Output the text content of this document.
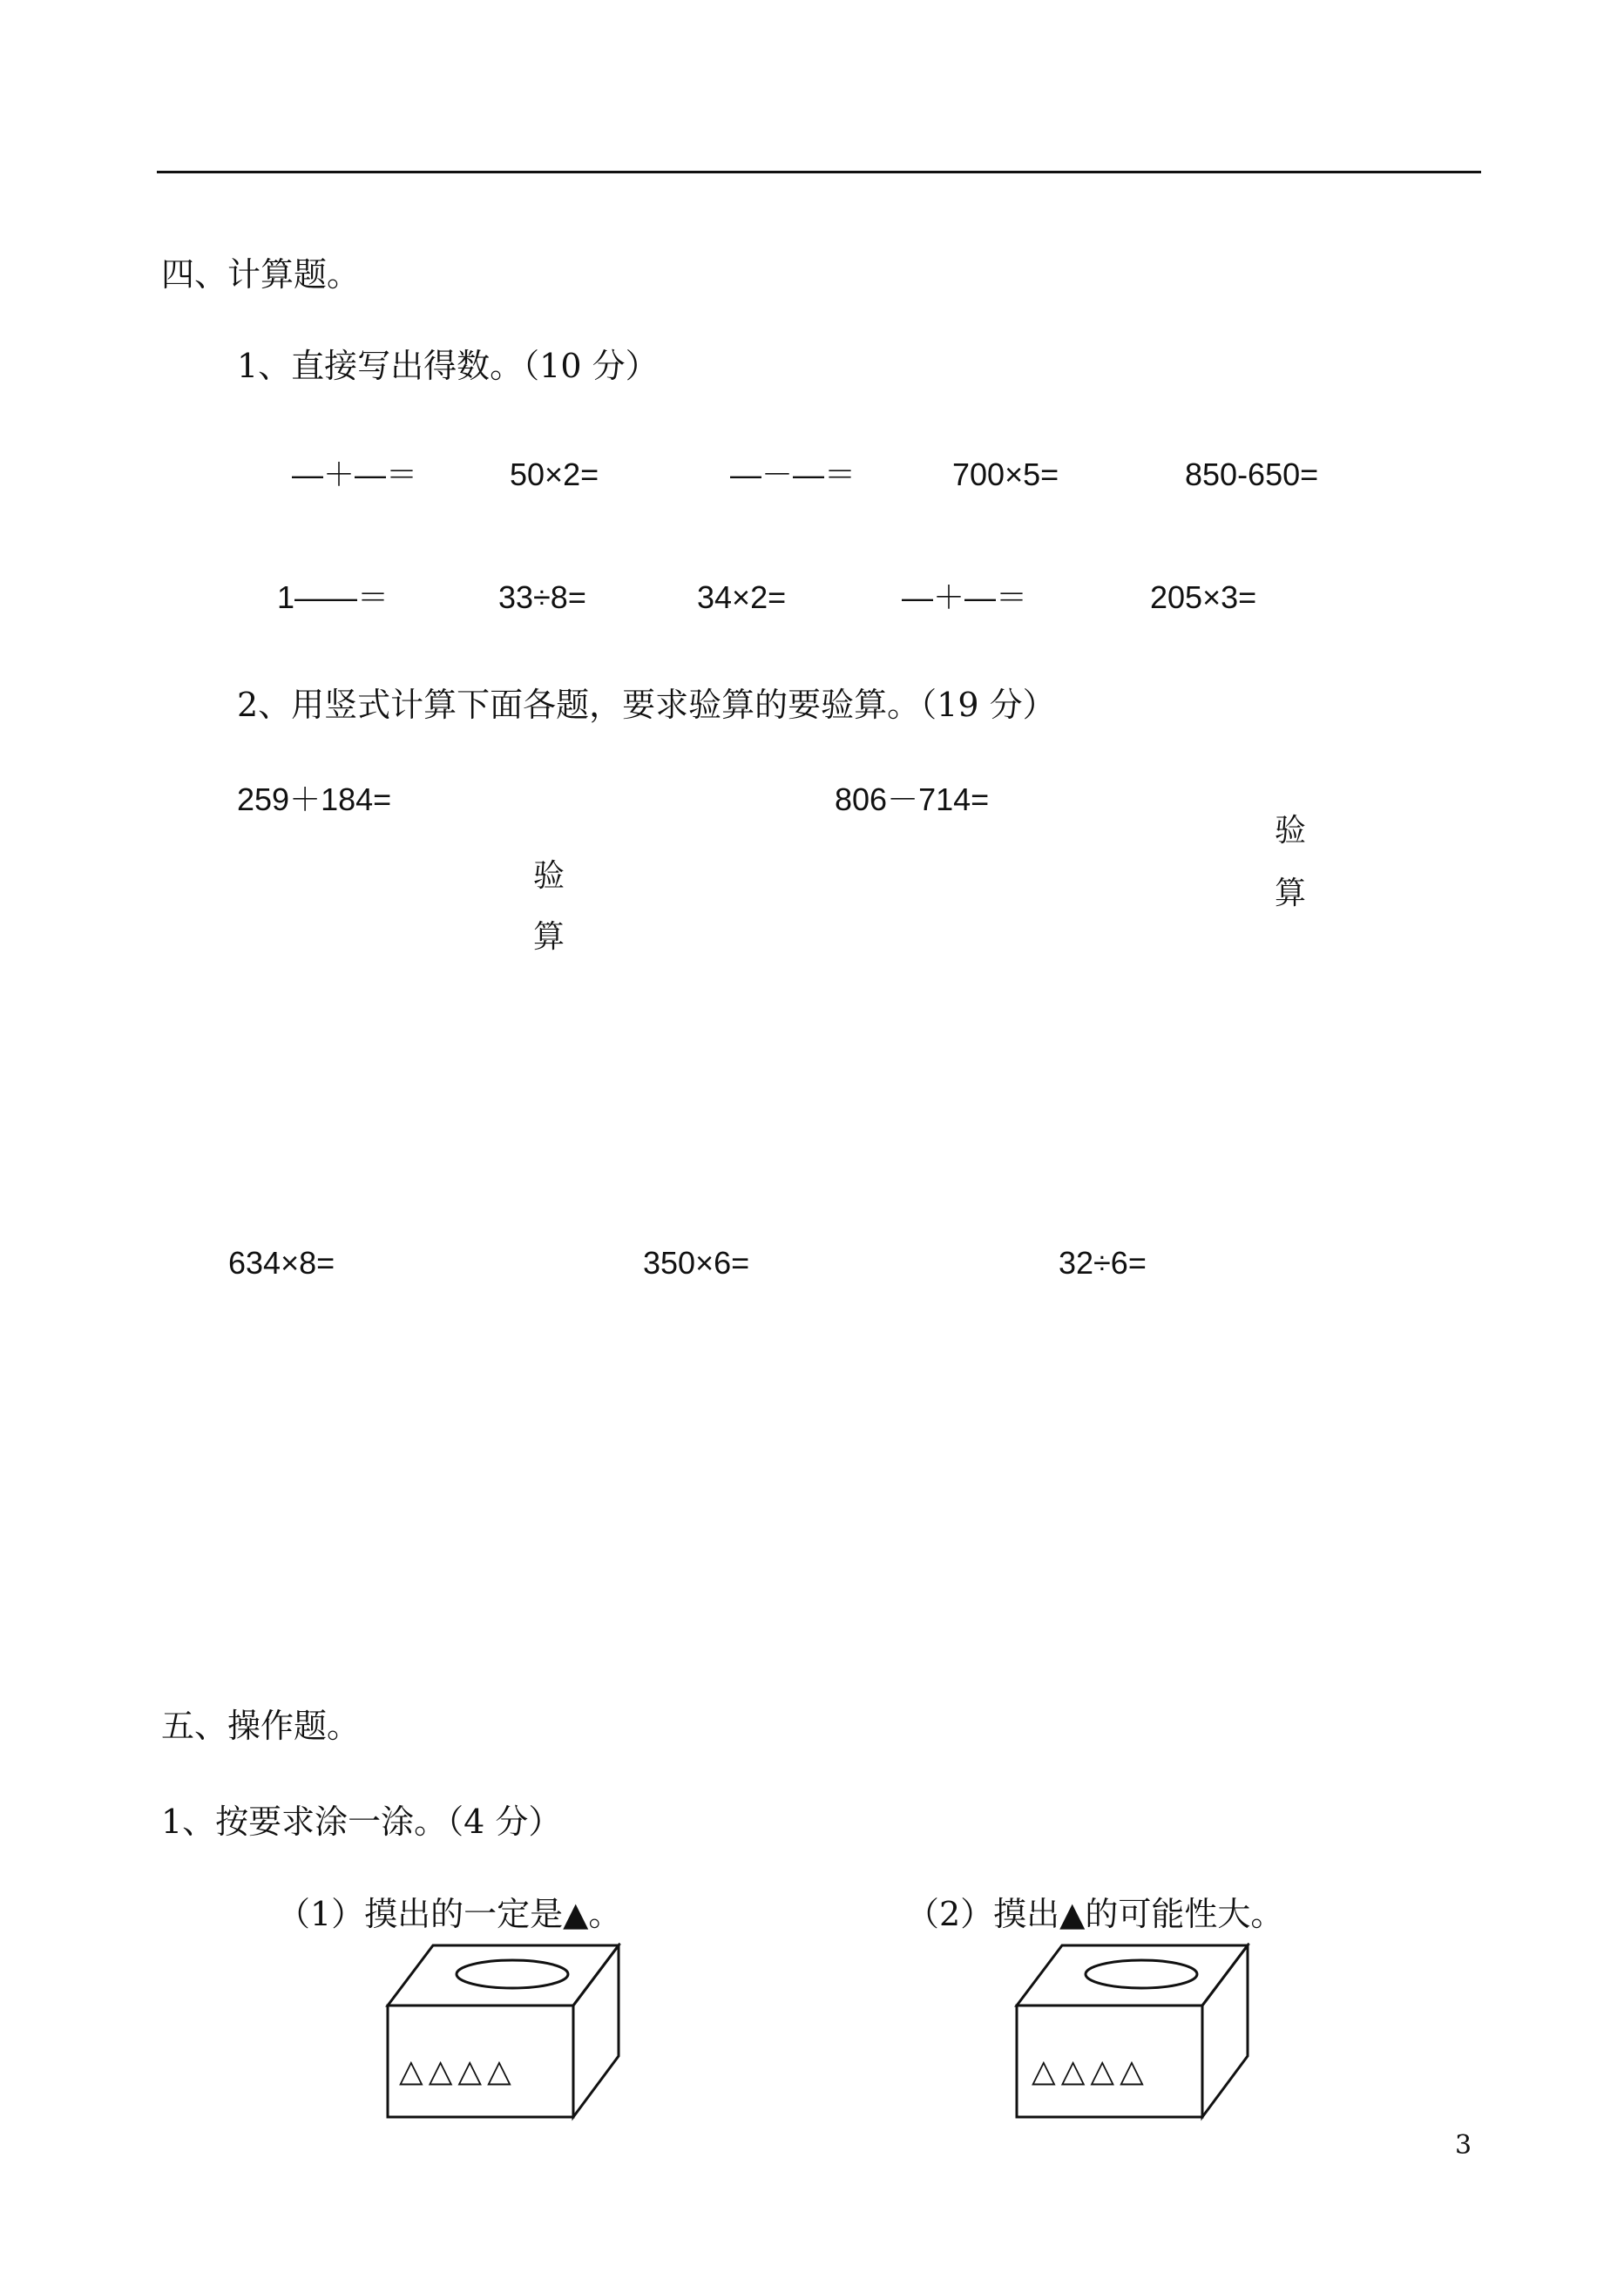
四、计算题。
1、直接写出得数。（10 分）
—＋—＝	50×2=	—－—＝	700×5=	850-650=
1——＝	33÷8=	34×2=	—＋—＝	205×3=
2、用竖式计算下面各题，要求验算的要验算。（19 分）
259＋184=
验
算
806－714=
验
算
634×8=	350×6=	32÷6=
五、操作题。
1、按要求涂一涂。（4 分）
（1）摸出的一定是▲。	（2）摸出▲的可能性大。
△△△△	△△△△
3
